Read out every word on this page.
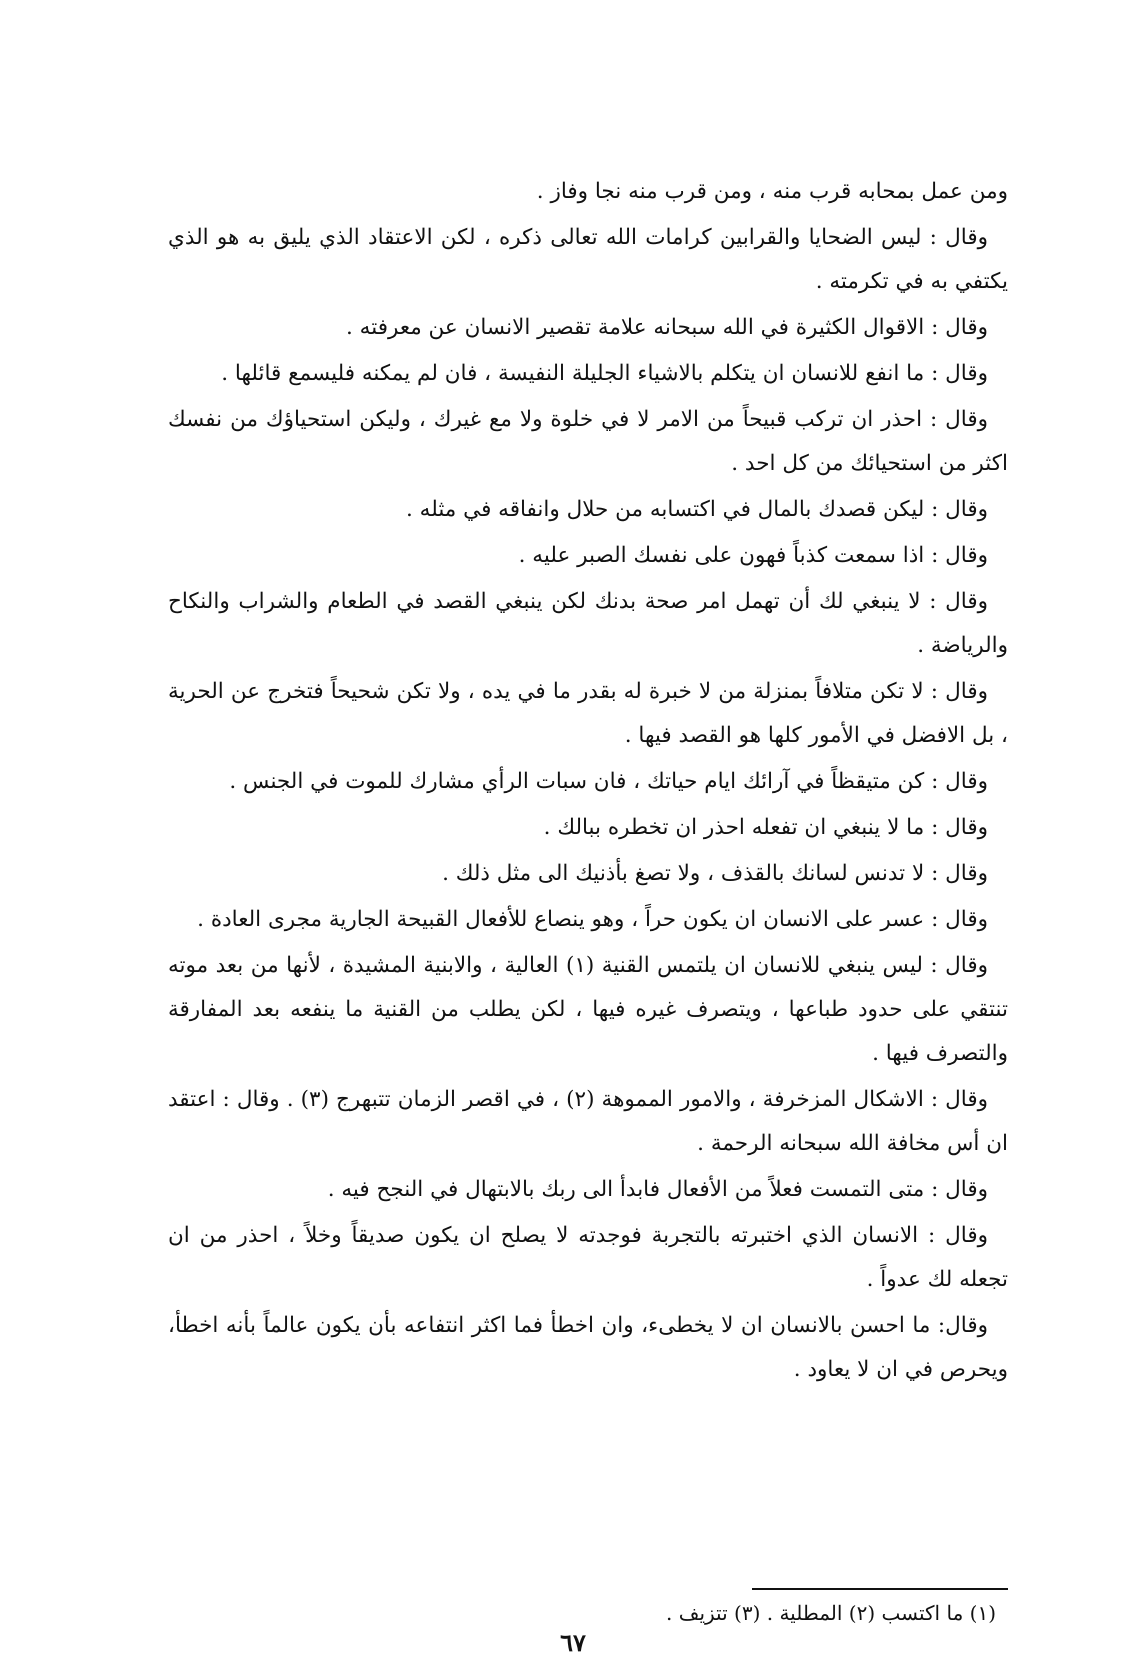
ومن عمل بمحابه قرب منه ، ومن قرب منه نجا وفاز .

وقال : ليس الضحايا والقرابين كرامات الله تعالى ذكره ، لكن الاعتقاد الذي يليق به هو الذي يكتفي به في تكرمته .

وقال : الاقوال الكثيرة في الله سبحانه علامة تقصير الانسان عن معرفته .

وقال : ما انفع للانسان ان يتكلم بالاشياء الجليلة النفيسة ، فان لم يمكنه فليسمع قائلها .

وقال : احذر ان تركب قبيحاً من الامر لا في خلوة ولا مع غيرك ، وليكن استحياؤك من نفسك اكثر من استحيائك من كل احد .

وقال : ليكن قصدك بالمال في اكتسابه من حلال وانفاقه في مثله .

وقال : اذا سمعت كذباً فهون على نفسك الصبر عليه .

وقال : لا ينبغي لك أن تهمل امر صحة بدنك لكن ينبغي القصد في الطعام والشراب والنكاح والرياضة .

وقال : لا تكن متلافاً بمنزلة من لا خبرة له بقدر ما في يده ، ولا تكن شحيحاً فتخرج عن الحرية ، بل الافضل في الأمور كلها هو القصد فيها .

وقال : كن متيقظاً في آرائك ايام حياتك ، فان سبات الرأي مشارك للموت في الجنس .

وقال : ما لا ينبغي ان تفعله احذر ان تخطره ببالك .

وقال : لا تدنس لسانك بالقذف ، ولا تصغ بأذنيك الى مثل ذلك .

وقال : عسر على الانسان ان يكون حراً ، وهو ينصاع للأفعال القبيحة الجارية مجرى العادة .

وقال : ليس ينبغي للانسان ان يلتمس القنية (١) العالية ، والابنية المشيدة ، لأنها من بعد موته تنتقي على حدود طباعها ، ويتصرف غيره فيها ، لكن يطلب من القنية ما ينفعه بعد المفارقة والتصرف فيها .

وقال : الاشكال المزخرفة ، والامور المموهة (٢) ، في اقصر الزمان تتبهرج (٣) . وقال : اعتقد ان أس مخافة الله سبحانه الرحمة .

وقال : متى التمست فعلاً من الأفعال فابدأ الى ربك بالابتهال في النجح فيه .

وقال : الانسان الذي اختبرته بالتجربة فوجدته لا يصلح ان يكون صديقاً وخلاً ، احذر من ان تجعله لك عدواً .

وقال: ما احسن بالانسان ان لا يخطىء، وان اخطأ فما اكثر انتفاعه بأن يكون عالماً بأنه اخطأ، ويحرص في ان لا يعاود .

(١) ما اكتسب (٢) المطلية . (٣) تتزيف .
٦٧
